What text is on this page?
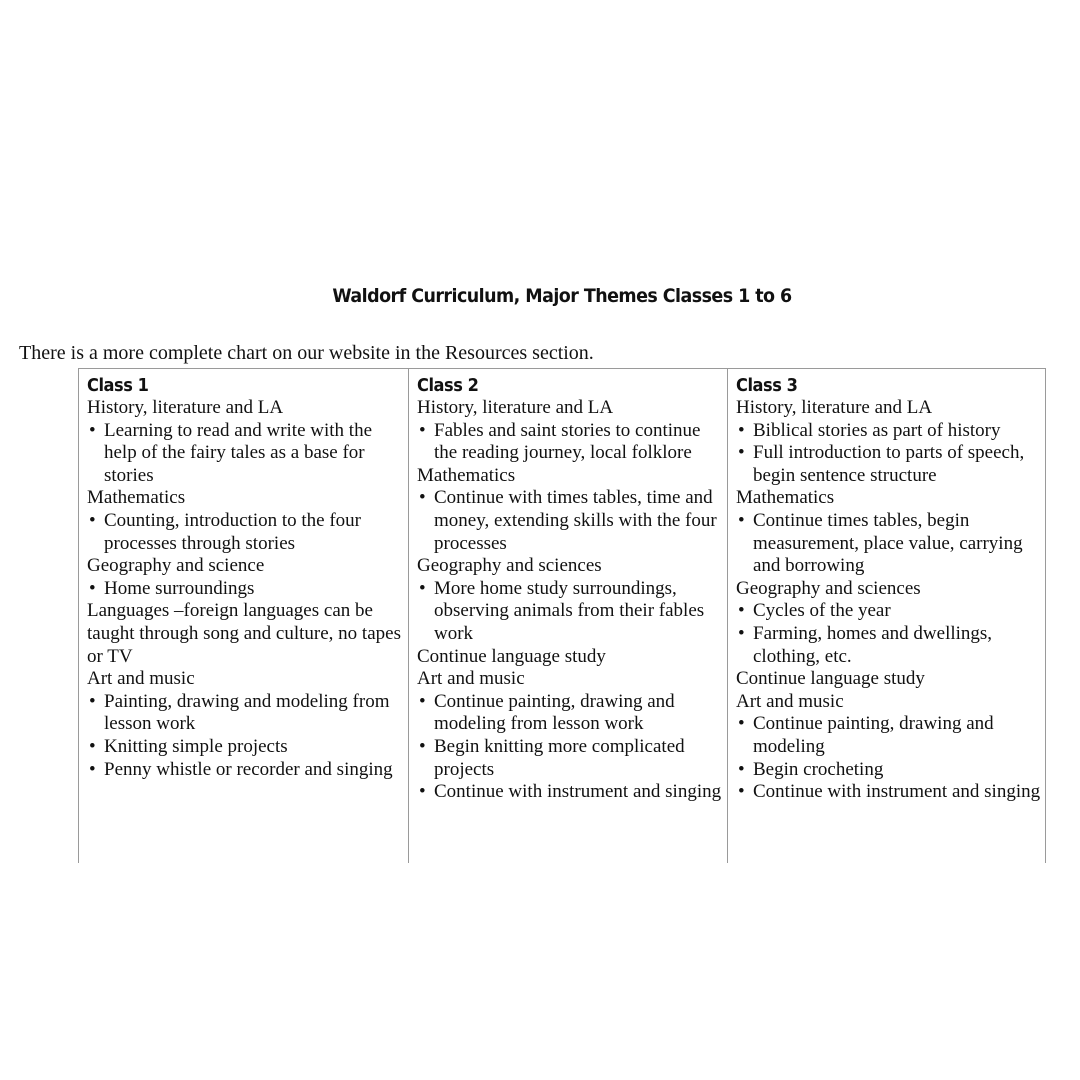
Waldorf Curriculum, Major Themes Classes 1 to 6
There is a more complete chart on our website in the Resources section.
Class 1
History, literature and LA
• Learning to read and write with the help of the fairy tales as a base for stories
Mathematics
• Counting, introduction to the four processes through stories
Geography and science
• Home surroundings
Languages –foreign languages can be taught through song and culture, no tapes or TV
Art and music
• Painting, drawing and modeling from lesson work
• Knitting simple projects
• Penny whistle or recorder and singing
Class 2
History, literature and LA
• Fables and saint stories to continue the reading journey, local folklore
Mathematics
• Continue with times tables, time and money, extending skills with the four processes
Geography and sciences
• More home study surroundings, observing animals from their fables work
Continue language study
Art and music
• Continue painting, drawing and modeling from lesson work
• Begin knitting more complicated projects
• Continue with instrument and singing
Class 3
History, literature and LA
• Biblical stories as part of history
• Full introduction to parts of speech, begin sentence structure
Mathematics
• Continue times tables, begin measurement, place value, carrying and borrowing
Geography and sciences
• Cycles of the year
• Farming, homes and dwellings, clothing, etc.
Continue language study
Art and music
• Continue painting, drawing and modeling
• Begin crocheting
• Continue with instrument and singing
